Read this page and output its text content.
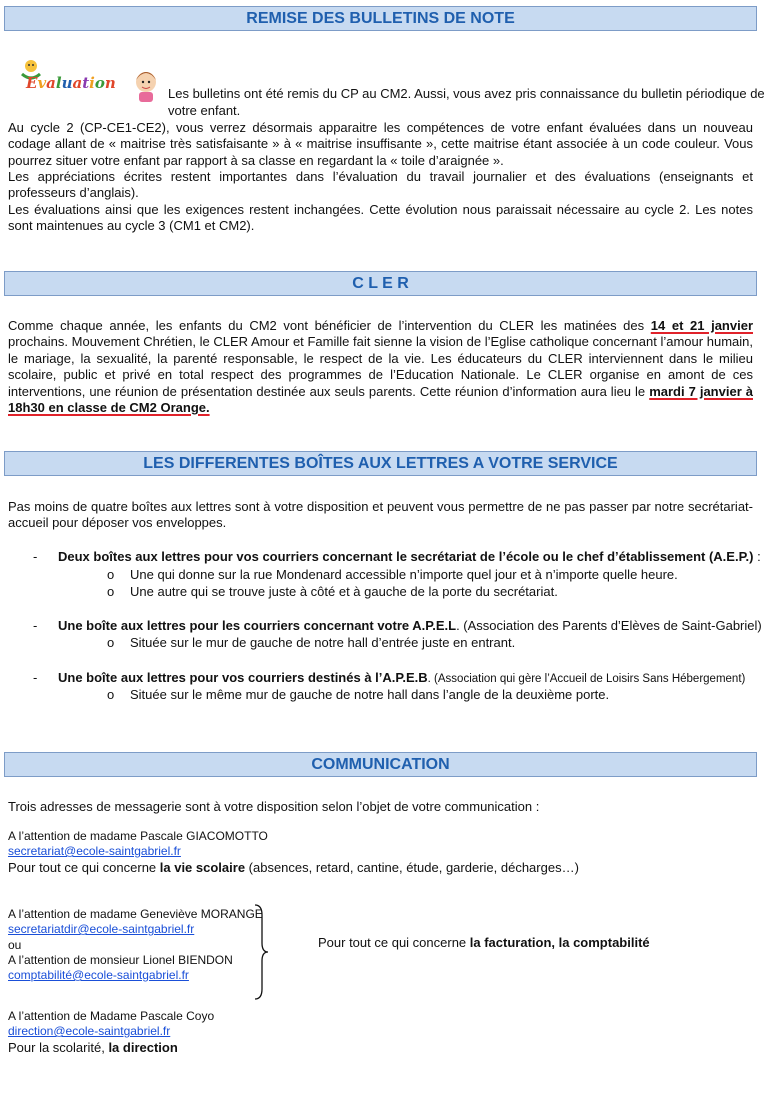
REMISE DES BULLETINS DE NOTE
Evaluation
Les bulletins ont été remis du CP au CM2. Aussi, vous avez pris connaissance du bulletin périodique de
votre enfant.
Au cycle 2 (CP-CE1-CE2), vous verrez désormais apparaitre les compétences de votre enfant évaluées dans un nouveau codage allant de « maitrise très satisfaisante » à « maitrise insuffisante », cette maitrise étant associée à un code couleur. Vous pourrez situer votre enfant par rapport à sa classe en regardant la « toile d’araignée ».
Les appréciations écrites restent importantes dans l’évaluation du travail journalier et des évaluations (enseignants et professeurs d’anglais).
Les évaluations ainsi que les exigences restent inchangées. Cette évolution nous paraissait nécessaire au cycle 2. Les notes sont maintenues au cycle 3 (CM1 et CM2).
C L E R
Comme chaque année, les enfants du CM2 vont bénéficier de l’intervention du CLER les matinées des 14 et 21 janvier prochains. Mouvement Chrétien, le CLER Amour et Famille fait sienne la vision de l’Eglise catholique concernant l’amour humain, le mariage, la sexualité, la parenté responsable, le respect de la vie. Les éducateurs du CLER interviennent dans le milieu scolaire, public et privé en total respect des programmes de l’Education Nationale. Le CLER organise en amont de ces interventions, une réunion de présentation destinée aux seuls parents. Cette réunion d’information aura lieu le mardi 7 janvier à 18h30 en classe de CM2 Orange.
LES DIFFERENTES BOÎTES AUX LETTRES A VOTRE SERVICE
Pas moins de quatre boîtes aux lettres sont à votre disposition et peuvent vous permettre de ne pas passer par notre secrétariat-accueil pour déposer vos enveloppes.
- Deux boîtes aux lettres pour vos courriers concernant le secrétariat de l’école ou le chef d’établissement (A.E.P.) :
o Une qui donne sur la rue Mondenard accessible n’importe quel jour et à n’importe quelle heure.
o Une autre qui se trouve juste à côté et à gauche de la porte du secrétariat.
- Une boîte aux lettres pour les courriers concernant votre A.P.E.L. (Association des Parents d’Elèves de Saint-Gabriel)
o Située sur le mur de gauche de notre hall d’entrée juste en entrant.
- Une boîte aux lettres pour vos courriers destinés à l’A.P.E.B. (Association qui gère l’Accueil de Loisirs Sans Hébergement)
o Située sur le même mur de gauche de notre hall dans l’angle de la deuxième porte.
COMMUNICATION
Trois adresses de messagerie sont à votre disposition selon l’objet de votre communication :
A l’attention de madame Pascale GIACOMOTTO
secretariat@ecole-saintgabriel.fr
Pour tout ce qui concerne la vie scolaire (absences, retard, cantine, étude, garderie, décharges…)
A l’attention de madame Geneviève MORANGE
secretariatdir@ecole-saintgabriel.fr
ou
A l’attention de monsieur Lionel BIENDON
comptabilité@ecole-saintgabriel.fr
Pour tout ce qui concerne la facturation, la comptabilité
A l’attention de Madame Pascale Coyo
direction@ecole-saintgabriel.fr
Pour la scolarité, la direction
